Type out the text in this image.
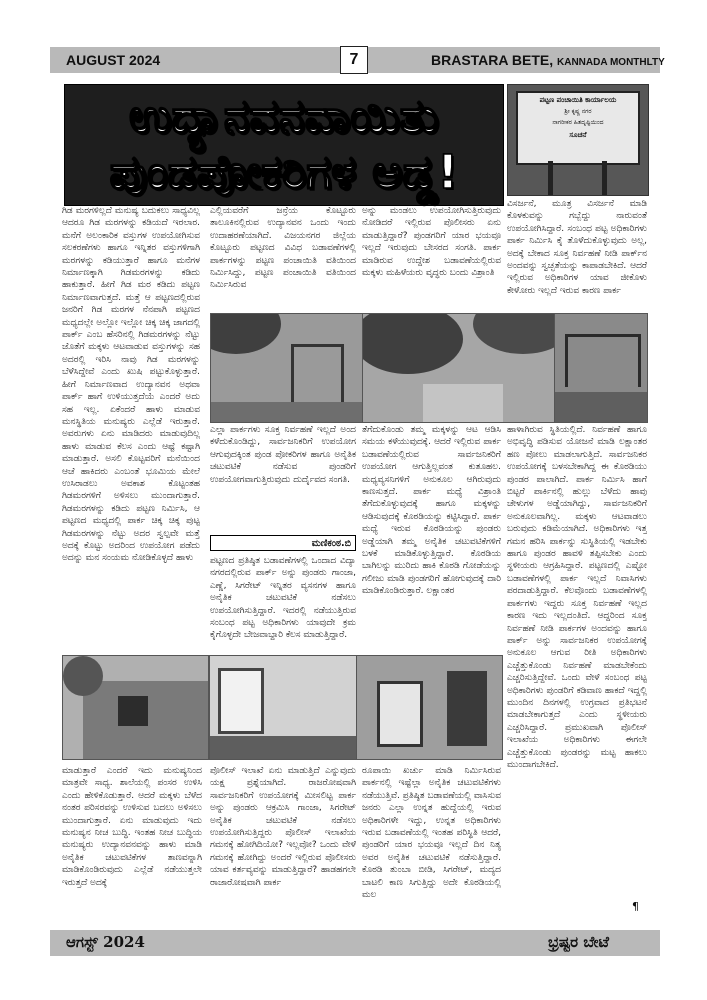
AUGUST 2024	7	BRASTARA BETE, KANNADA MONTHLTY
ಉದ್ಯಾನವನವಾಯಿತು
ಪುಂಡಪೋಕರಿಗಳ ಅಡ್ಡ!
ಪಟ್ಟಣ ಪಂಚಾಯಿತಿ ಕಾರ್ಯಾಲಯ
ಶ್ರೀ ಕೃಷ್ಣ ನಗರ
ನಾಗರೀಕರ ಹಿತದೃಷ್ಟಿಯಿಂದ
ಸೂಚನೆ

ಗಿಡ ಮರಗಳಿಲ್ಲದೆ ಮನುಷ್ಯ ಬದುಕಲು ಸಾಧ್ಯವಿಲ್ಲ ಆದರೂ ಗಿಡ ಮರಗಳನ್ನು ಕಡಿಯದೆ ಇರಲಾರ. ಮನೆಗೆ ಅಲಂಕಾರಿಕ ವಸ್ತುಗಳ ಉಪಯೋಗಿಸುವ ಸಲಕರಣೆಗಳು ಹಾಗೂ ಇನ್ನಿತರ ವಸ್ತುಗಳಿಗಾಗಿ ಮರಗಳನ್ನು ಕಡಿಯುತ್ತಾರೆ ಹಾಗೂ ಮನೆಗಳ ನಿರ್ಮಾಣಕ್ಕಾಗಿ ಗಿಡಮರಗಳನ್ನು ಕಡಿದು ಹಾಕುತ್ತಾರೆ. ಹೀಗೆ ಗಿಡ ಮರ ಕಡಿದು ಪಟ್ಟಣ ನಿರ್ಮಾಣವಾಗುತ್ತದೆ. ಮತ್ತೆ ಆ ಪಟ್ಟಣದಲ್ಲಿರುವ ಜನರಿಗೆ ಗಿಡ ಮರಗಳ ನೆನಪಾಗಿ ಪಟ್ಟಣದ ಮಧ್ಯದಲ್ಲೇ ಅಲ್ಲೋ ಇಲ್ಲೋ ಚಿಕ್ಕ ಚಿಕ್ಕ ಜಾಗದಲ್ಲಿ ಪಾರ್ಕ್ ಎಂಬ ಹೆಸರಿನಲ್ಲಿ ಗಿಡಮರಗಳನ್ನು ನೆಟ್ಟು ಜೊತೆಗೆ ಮಕ್ಕಳು ಆಟವಾಡುವ ವಸ್ತುಗಳನ್ನು ಸಹ ಅದರಲ್ಲಿ ಇರಿಸಿ ನಾವು ಗಿಡ ಮರಗಳನ್ನು ಬೆಳೆಸಿದ್ದೇವೆ ಎಂದು ಖುಷಿ ಪಟ್ಟುಕೊಳ್ಳುತ್ತಾರೆ. ಹೀಗೆ ನಿರ್ಮಾಣವಾದ ಉದ್ಯಾನವನ ಅಥವಾ ಪಾರ್ಕ್ ಹಾಗೆ ಉಳಿಯುತ್ತದೆಯೆ ಎಂದರೆ ಅದು ಸಹ ಇಲ್ಲ. ಏಕೆಂದರೆ ಹಾಳು ಮಾಡುವ ಮನಸ್ಥಿತಿಯ ಮನುಷ್ಯರು ಎಲ್ಲೆಡೆ ಇರುತ್ತಾರೆ. ಅವರುಗಳು ಏನು ಮಾಡಿದರು ಮಾಡುವುದಿಲ್ಲ ಹಾಳು ಮಾಡುವ ಕೆಲಸ ಎಂದು ಆಷ್ಟೆ ಕಷ್ಟಾಗಿ ಮಾಡುತ್ತಾರೆ. ಅಸಲಿ ಕೊಟ್ಟವರಿಗೆ ಮನೆಯಿಂದ ಆಚೆ ಹಾಕಿದರು ಎಂಬಂತೆ ಭೂಮಿಯ ಮೇಲೆ ಉಸಿರಾಡಲು ಅವಕಾಶ ಕೊಟ್ಟಂತಹ ಗಿಡಮರಗಳಿಗೆ ಅಳಿಸಲು ಮುಂದಾಗುತ್ತಾರೆ. ಗಿಡಮರಗಳನ್ನು ಕಡಿದು ಪಟ್ಟಣ ನಿರ್ಮಿಸಿ, ಆ ಪಟ್ಟಣದ ಮಧ್ಯದಲ್ಲಿ ಪಾರ್ಕ ಚಿಕ್ಕ ಚಿಕ್ಕ ಪುಟ್ಟ ಗಿಡಮರಗಳನ್ನು ನೆಟ್ಟು ಅದರ ಸ್ವಲ್ಪವೇ ಮತ್ತೆ ಅದಕ್ಕೆ ಕೊಟ್ಟು ಅದರಿಂದ ಉಪಯೋಗ ಪಡೆದು ಅದನ್ನು ಮನ ಸಂಯಮ ನೋಡಿಕೊಳ್ಳದೆ ಹಾಳು

ಎಲ್ಲಿಯವರೆಗೆ ಜನ್ರೆಯ ಕೊಟ್ಟೂರು ತಾಲೂಕಿನಲ್ಲಿರುವ ಉದ್ಯಾನವನ ಒಂದು ಇಂದು ಉದಾಹರಣೆಯಾಗಿದೆ. ವಿಜಯನಗರ ಜಿಲ್ಲೆಯ ಕೊಟ್ಟೂರು ಪಟ್ಟಣದ ವಿವಿಧ ಬಡಾವಣೆಗಳಲ್ಲಿ ಪಾರ್ಕಗಳನ್ನು ಪಟ್ಟಣ ಪಂಚಾಯಿತಿ ವತಿಯಿಂದ ನಿರ್ಮಿಸಿದ್ದು, ಪಟ್ಟಣ ಪಂಚಾಯಿತಿ ವತಿಯಿಂದ ನಿರ್ಮಿಸಿರುವ

ಅನ್ನು ಮಂಡಲು ಉಪಯೋಗಿಸುತ್ತಿರುವುದು ನೋಡಿದರೆ ಇಲ್ಲಿರುವ ಪೊಲೀಸರು ಏನು ಮಾಡುತ್ತಿದ್ದಾರೆ? ಪುಂಡಗರಿಗೆ ಯಾರ ಭಯವೂ ಇಲ್ಲದೆ ಇರುವುದು ಬೇಸರದ ಸಂಗತಿ. ಪಾರ್ಕ ಮಾಡಿರುವ ಉದ್ದೇಶ ಬಡಾವಣೆಯಲ್ಲಿರುವ ಮಕ್ಕಳು ಮಹಿಳೆಯರು ವೃದ್ಧರು ಬಂದು ವಿಶ್ರಾಂತಿ

ವಿಸರ್ಜನೆ, ಮೂತ್ರ ವಿಸರ್ಜನೆ ಮಾಡಿ ಕೊಳಕುವನ್ನು ಗಬ್ಬೆದ್ದು ನಾರುವಂತೆ ಉಪಯೋಗಿಸಿದ್ದಾರೆ. ಸಂಬಂಧ ಪಟ್ಟ ಅಧಿಕಾರಿಗಳು ಪಾರ್ಕ ನಿರ್ಮಿಸಿ ಕೈ ತೊಳೆದುಕೊಳ್ಳುವುದು ಅಲ್ಲ, ಅದಕ್ಕೆ ಬೇಕಾದ ಸೂಕ್ತ ನಿರ್ವಹಣೆ ನೀಡಿ ಪಾರ್ಕ್‌ನ ಅಂದವನ್ನು ಸ್ವಚ್ಛತೆಯನ್ನು ಕಾಪಾಡಬೇಕಿದೆ. ಆದರೆ ಇಲ್ಲಿರುವ ಅಧಿಕಾರಿಗಳ ಯಾವ ಜೀಕೊಳು ಕೇಳೋರು ಇಲ್ಲದೆ ಇರುವ ಕಾರಣ ಪಾರ್ಕ

ಎಲ್ಲಾ ಪಾರ್ಕಗಳು ಸೂಕ್ತ ನಿರ್ವಹಣೆ ಇಲ್ಲದೆ ಅಂದ ಕಳೆದುಕೊಂಡಿದ್ದು, ಸಾರ್ವಜನಿಕರಿಗೆ ಉಪಯೋಗ ಆಗುವುದಕ್ಕಿಂತ ಪುಂಡ ಪೋಕರಿಗಳ ಹಾಗೂ ಅನೈತಿಕ ಚಟುವಟಿಕೆ ನಡೆಸುವ ಪುಂಡರಿಗೆ ಉಪಯೋಗವಾಗುತ್ತಿರುವುದು ದುರ್ದೈವದ ಸಂಗತಿ.

ಮಣಿಕಂಠ.ಬಿ

ಪಟ್ಟಣದ ಪ್ರತಿಷ್ಠಿತ ಬಡಾವಣೆಗಳಲ್ಲಿ ಒಂದಾದ ವಿದ್ಯಾ ನಗರದಲ್ಲಿರುವ ಪಾರ್ಕ್ ಅನ್ನು ಪುಂಡರು ಗಾಂಜಾ, ಎಣ್ಣೆ, ಸಿಗರೇಟ್ ಇನ್ನಿತರ ವ್ಯಸನಗಳ ಹಾಗೂ ಅನೈತಿಕ ಚಟುವಟಿಕೆ ನಡೆಸಲು ಉಪಯೋಗಿಸುತ್ತಿದ್ದಾರೆ. ಇದರಲ್ಲಿ ನಡೆಯುತ್ತಿರುವ ಸಂಬಂಧ ಪಟ್ಟ ಅಧಿಕಾರಿಗಳು ಯಾವುದೇ ಕ್ರಮ ಕೈಗೊಳ್ಳದೇ ಬೇಜವಾಬ್ದಾರಿ ಕೆಲಸ ಮಾಡುತ್ತಿದ್ದಾರೆ.

ತೆಗೆದುಕೊಂಡು ತಮ್ಮ ಮಕ್ಕಳನ್ನು ಆಟ ಆಡಿಸಿ ಸಮಯ ಕಳೆಯುವುದಕ್ಕೆ. ಆದರೆ ಇಲ್ಲಿರುವ ಪಾರ್ಕ ಬಡಾವಣೆಯಲ್ಲಿರುವ ಸಾರ್ವಜನಿಕರಿಗೆ ಉಪಯೋಗ ಆಗುತ್ತಿಲ್ಲವಂತ ಕುತೂಹಲ. ಮಧ್ಯವ್ಯಸನಿಗಳಿಗೆ ಅನುಕೂಲ ಆಗಿರುವುದು ಕಾಣಸುತ್ತದೆ. ಪಾರ್ಕ ಮಧ್ಯೆ ವಿಶ್ರಾಂತಿ ತೆಗೆದುಕೊಳ್ಳುವುದಕ್ಕೆ ಹಾಗೂ ಮಕ್ಕಳನ್ನು ಆಡಿಸುವುದಕ್ಕೆ ಕೊಠಡಿಯನ್ನು ಕಟ್ಟಿಸಿದ್ದಾರೆ. ಪಾರ್ಕ ಮಧ್ಯೆ ಇರುವ ಕೊಠಡಿಯನ್ನು ಪುಂಡರು ಅಡ್ಡೆಯಾಗಿ ತಮ್ಮ ಅನೈತಿಕ ಚಟುವಟಿಕೆಗಳಿಗೆ ಬಳಕೆ ಮಾಡಿಕೊಳ್ಳುತ್ತಿದ್ದಾರೆ. ಕೊಠಡಿಯ ಬಾಗಿಲನ್ನು ಮುರಿದು ಹಾಕಿ ಕೊಠಡಿ ಗೋಡೆಯನ್ನು ಗಲೀಜು ಮಾಡಿ ಪುಂಡಗರಿಗೆ ಹೋಗುವುದಕ್ಕೆ ದಾರಿ ಮಾಡಿಕೊಂಡಿರುತ್ತಾರೆ. ಲಕ್ಷಾಂತರ

ಹಾಳಾಗಿರುವ ಸ್ಥಿತಿಯಲ್ಲಿದೆ. ನಿರ್ವಹಣೆ ಹಾಗೂ ಅಭಿವೃದ್ಧಿ ಪಡಿಸುವ ಯೋಜನೆ ಮಾಡಿ ಲಕ್ಷಾಂತರ ಹಣ ಪೋಲು ಮಾಡಲಾಗುತ್ತಿದೆ. ಸಾರ್ವಜನಿಕರ ಉಪಯೋಗಕ್ಕೆ ಬಳಸಬೇಕಾಗಿದ್ದ ಈ ಕೊಠಡಿಯು ಪುಂಡರ ಪಾಲಾಗಿದೆ. ಪಾರ್ಕ ನಿರ್ಮಿಸಿ ಹಾಗೆ ಬಿಟ್ಟರೆ ಪಾರ್ಕಿನಲ್ಲಿ ಹುಲ್ಲು ಬೆಳೆದು ಹಾವು ಚೇಳುಗಳ ಅಡ್ಡೆಯಾಗಿದ್ದು, ಸಾರ್ವಜನಿಕರಿಗೆ ಅನುಕೂಲವಾಗಿಲ್ಲ. ಮಕ್ಕಳು ಆಟವಾಡಲು ಬರುವುದು ಕಡಿಮೆಯಾಗಿದೆ. ಅಧಿಕಾರಿಗಳು ಇತ್ತ ಗಮನ ಹರಿಸಿ ಪಾರ್ಕನ್ನು ಸುಸ್ಥಿತಿಯಲ್ಲಿ ಇಡಬೇಕು ಹಾಗೂ ಪುಂಡರ ಹಾವಳಿ ತಪ್ಪಿಸಬೇಕು ಎಂದು ಸ್ಥಳೀಯರು ಆಗ್ರಹಿಸಿದ್ದಾರೆ. ಪಟ್ಟಣದಲ್ಲಿ ಎಷ್ಟೋ ಬಡಾವಣೆಗಳಲ್ಲಿ ಪಾರ್ಕ ಇಲ್ಲದೆ ನಿವಾಸಿಗಳು ಪರದಾಡುತ್ತಿದ್ದಾರೆ. ಕೆಲವೊಂದು ಬಡಾವಣೆಗಳಲ್ಲಿ ಪಾರ್ಕಗಳು ಇದ್ದರು ಸೂಕ್ತ ನಿರ್ವಹಣೆ ಇಲ್ಲದ ಕಾರಣ ಇದು ಇಲ್ಲದಂತಿದೆ. ಆದ್ದರಿಂದ ಸೂಕ್ತ ನಿರ್ವಹಣೆ ನೀಡಿ ಪಾರ್ಕಗಳ ಅಂದವನ್ನು ಹಾಗೂ ಪಾರ್ಕ್ ಅನ್ನು ಸಾರ್ವಜನಿಕರ ಉಪಯೋಗಕ್ಕೆ ಅನುಕೂಲ ಆಗುವ ರೀತಿ ಅಧಿಕಾರಿಗಳು ಎಚ್ಚೆತ್ತುಕೊಂಡು ನಿರ್ವಹಣೆ ಮಾಡಬೇಕೆಂದು ಎಚ್ಚರಿಸುತ್ತಿದ್ದೇವೆ. ಒಂದು ವೇಳೆ ಸಂಬಂಧ ಪಟ್ಟ ಅಧಿಕಾರಿಗಳು ಪುಂಡರಿಗೆ ಕಡಿವಾಣ ಹಾಕದೆ ಇದ್ದಲ್ಲಿ ಮುಂದಿನ ದಿನಗಳಲ್ಲಿ ಉಗ್ರವಾದ ಪ್ರತಿಭಟನೆ ಮಾಡಬೇಕಾಗುತ್ತದೆ ಎಂದು ಸ್ಥಳೀಯರು ಎಚ್ಚರಿಸಿದ್ದಾರೆ. ಪ್ರಮುಖವಾಗಿ ಪೊಲೀಸ್ ಇಲಾಖೆಯ ಅಧಿಕಾರಿಗಳು ಈಗಲೇ ಎಚ್ಚೆತ್ತುಕೊಂಡು ಪುಂಡರನ್ನು ಮಟ್ಟ ಹಾಕಲು ಮುಂದಾಗಬೇಕಿದೆ.

¶

ಮಾಡುತ್ತಾರೆ ಎಂದರೆ ಇದು ಮನುಷ್ಯನಿಂದ ಮಾತ್ರವೇ ಸಾಧ್ಯ. ಶಾಲೆಯಲ್ಲಿ ಪಂಸರ ಉಳಿಸಿ ಎಂದು ಹೇಳಿಕೊಡುತ್ತಾರೆ. ಆದರೆ ಮಕ್ಕಳು ಬೆಳೆದ ನಂತರ ಪರಿಸರವನ್ನು ಉಳಿಸುವ ಬದಲು ಅಳಿಸಲು ಮುಂದಾಗುತ್ತಾರೆ. ಏನು ಮಾಡುವುದು ಇದು ಮನುಷ್ಯನ ನೀಚ ಬುದ್ಧಿ. ಇಂತಹ ನೀಚ ಬುದ್ಧಿಯ ಮನುಷ್ಯರು ಉದ್ಯಾನವನವನ್ನು ಹಾಳು ಮಾಡಿ ಅನೈತಿಕ ಚಟುವಟಿಕೆಗಳ ತಾಣವನ್ನಾಗಿ ಮಾಡಿಕೊಂಡಿರುವುದು ಎಲ್ಲೆಡೆ ನಡೆಯುತ್ತಲೇ ಇರುತ್ತದೆ ಅದಕ್ಕೆ

ಪೊಲೀಸ್ ಇಲಾಖೆ ಏನು ಮಾಡುತ್ತಿದೆ ಎನ್ನುವುದು ಯಕ್ಷ ಪ್ರಶ್ನೆಯಾಗಿದೆ. ರಾಜರೋಷವಾಗಿ ಸಾರ್ವಜನಿಕರಿಗೆ ಉಪಯೋಗಕ್ಕೆ ಮೀಸಲಿಟ್ಟ ಪಾರ್ಕ ಅನ್ನು ಪುಂಡರು ಆಕ್ರಮಿಸಿ ಗಾಂಜಾ, ಸಿಗರೇಟ್ ಅನೈತಿಕ ಚಟುವಟಿಕೆ ನಡೆಸಲು ಉಪಯೋಗಿಸುತ್ತಿದ್ದರು ಪೊಲೀಸ್ ಇಲಾಖೆಯ ಗಮನಕ್ಕೆ ಹೋಗಿದಿಯೋ? ಇಲ್ಲವೋ? ಒಂದು ವೇಳೆ ಗಮನಕ್ಕೆ ಹೋಗಿದ್ದು ಅಂದರೆ ಇಲ್ಲಿರುವ ಪೊಲೀಸರು ಯಾವ ಕರ್ತವ್ಯವನ್ನು ಮಾಡುತ್ತಿದ್ದಾರೆ? ಹಾಡಹಗಲೇ ರಾಜಾರೋಷವಾಗಿ ಪಾರ್ಕ

ರೂಪಾಯಿ ಖರ್ಚು ಮಾಡಿ ನಿರ್ಮಿಸಿರುವ ಪಾರ್ಕನಲ್ಲಿ ಇಷ್ಟೆಲ್ಲಾ ಅನೈತಿಕ ಚಟುವಟಿಕೆಗಳು ನಡೆಯುತ್ತಿವೆ. ಪ್ರತಿಷ್ಠಿತ ಬಡಾವಣೆಯಲ್ಲಿ ವಾಸಿಸುವ ಜನರು ಎಲ್ಲಾ ಉನ್ನತ ಹುದ್ದೆಯಲ್ಲಿ ಇರುವ ಅಧಿಕಾರಿಗಳೇ ಇದ್ದು, ಉನ್ನತ ಅಧಿಕಾರಿಗಳು ಇರುವ ಬಡಾವಣೆಯಲ್ಲಿ ಇಂತಹ ಪರಿಸ್ಥಿತಿ ಆದರೆ, ಪುಂಡರಿಗೆ ಯಾರ ಭಯವೂ ಇಲ್ಲದೆ ದಿನ ನಿತ್ಯ ಅವರ ಅನೈತಿಕ ಚಟುವಟಿಕೆ ನಡೆಸುತ್ತಿದ್ದಾರೆ. ಕೊಠಡಿ ತುಂಬಾ ಬೀಡಿ, ಸಿಗರೇಟ್, ಮದ್ಯದ ಬಾಟಲಿ ಕಾಣ ಸಿಗುತ್ತಿದ್ದು ಅದೇ ಕೊಠಡಿಯಲ್ಲಿ ಮಲ

ಆಗಸ್ಟ್ 2024	ಭ್ರಷ್ಟರ ಬೇಟೆ
